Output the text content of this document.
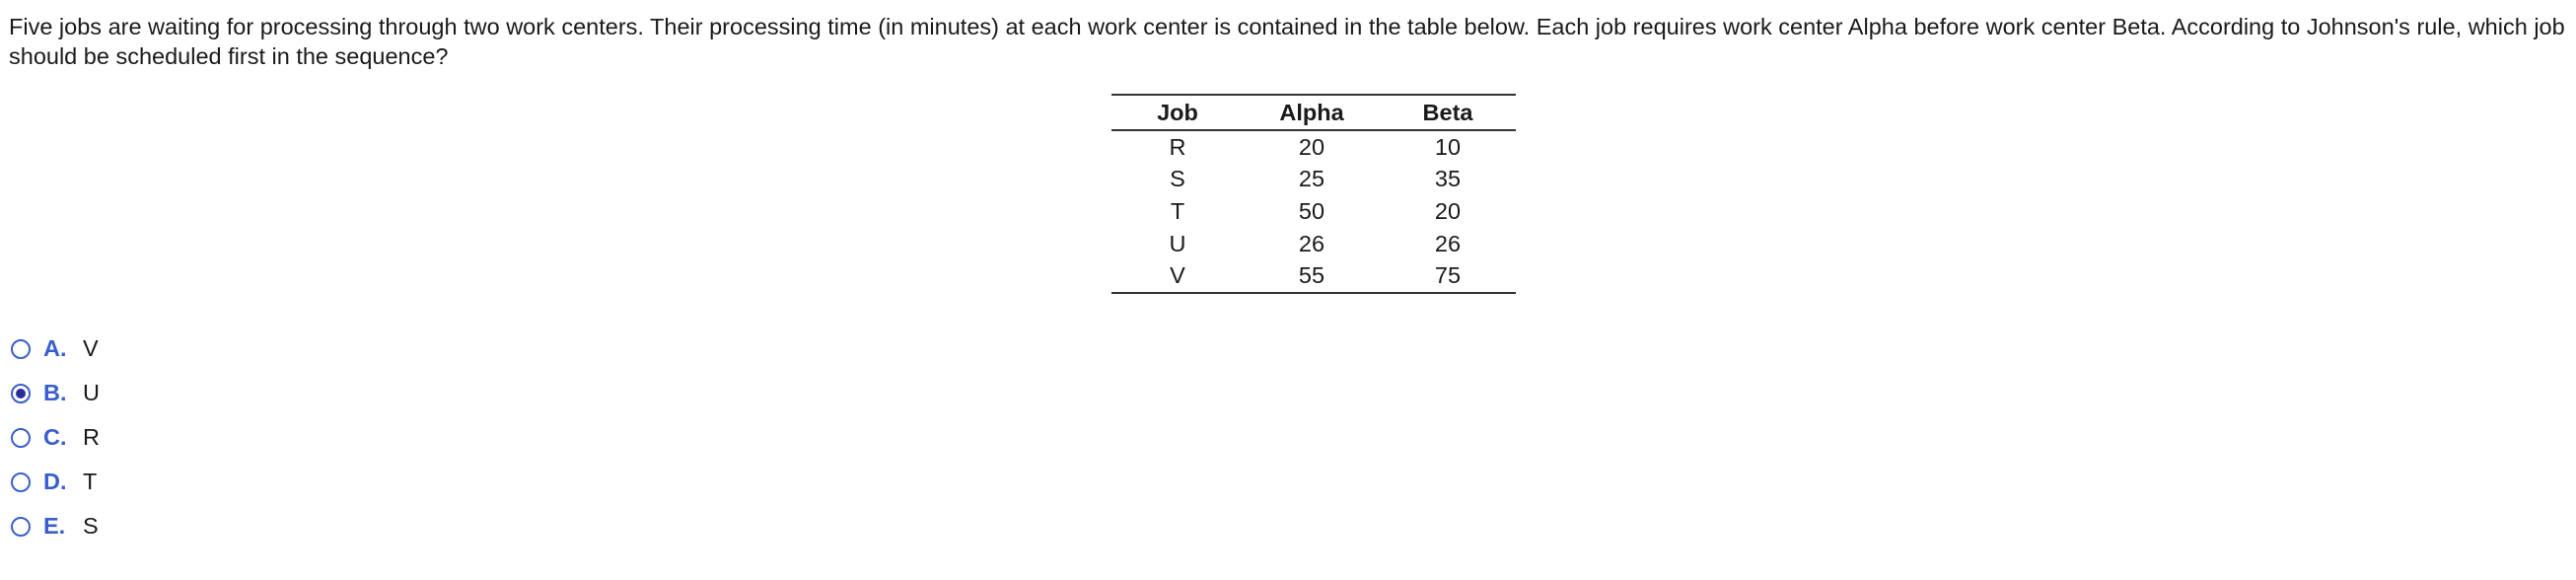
Five jobs are waiting for processing through two work centers. Their processing time (in minutes) at each work center is contained in the table below. Each job requires work center Alpha before work center Beta. According to Johnson's rule, which job should be scheduled first in the sequence?

Job	Alpha	Beta
R	20	10
S	25	35
T	50	20
U	26	26
V	55	75
A. V
B. U
C. R
D. T
E. S
